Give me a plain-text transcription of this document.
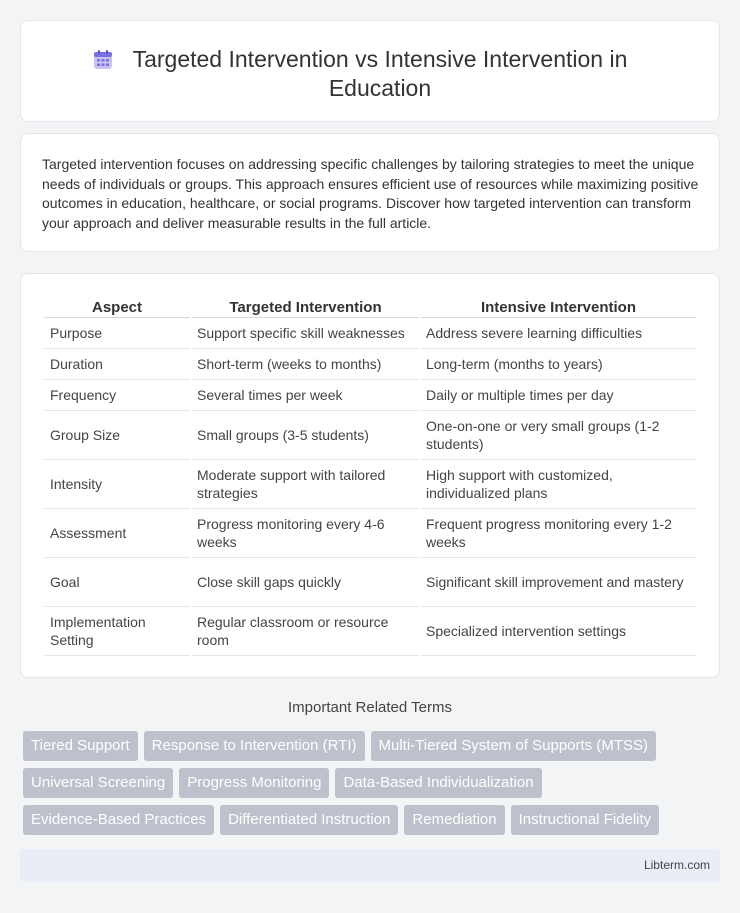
Targeted Intervention vs Intensive Intervention in Education

Targeted intervention focuses on addressing specific challenges by tailoring strategies to meet the unique needs of individuals or groups. This approach ensures efficient use of resources while maximizing positive outcomes in education, healthcare, or social programs. Discover how targeted intervention can transform your approach and deliver measurable results in the full article.

Aspect	Targeted Intervention	Intensive Intervention
Purpose	Support specific skill weaknesses	Address severe learning difficulties
Duration	Short-term (weeks to months)	Long-term (months to years)
Frequency	Several times per week	Daily or multiple times per day
Group Size	Small groups (3-5 students)	One-on-one or very small groups (1-2 students)
Intensity	Moderate support with tailored strategies	High support with customized, individualized plans
Assessment	Progress monitoring every 4-6 weeks	Frequent progress monitoring every 1-2 weeks
Goal	Close skill gaps quickly	Significant skill improvement and mastery
Implementation Setting	Regular classroom or resource room	Specialized intervention settings
Important Related Terms
Tiered Support	Response to Intervention (RTI)	Multi-Tiered System of Supports (MTSS)
Universal Screening	Progress Monitoring	Data-Based Individualization
Evidence-Based Practices	Differentiated Instruction	Remediation	Instructional Fidelity
Libterm.com
